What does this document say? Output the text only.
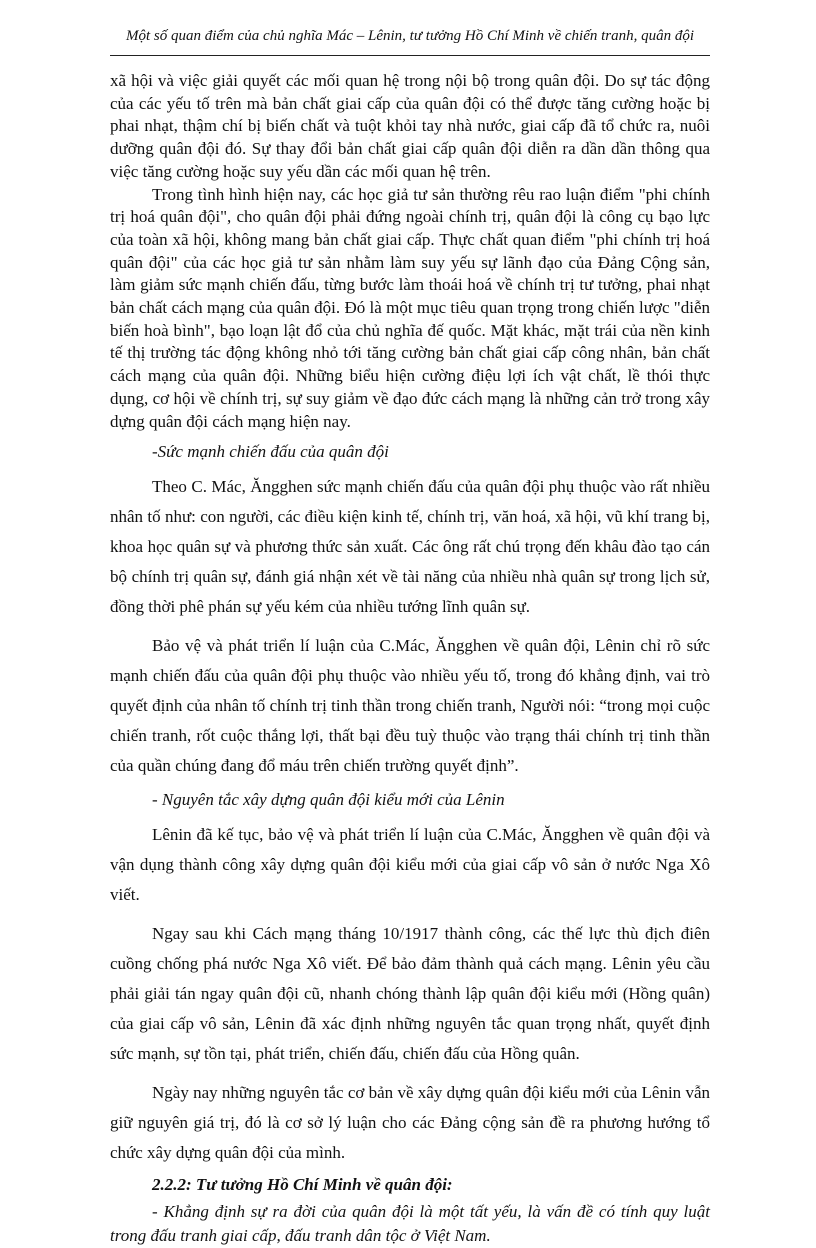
Một số quan điểm của chủ nghĩa Mác – Lênin, tư tưởng Hồ Chí Minh về chiến tranh, quân đội

xã hội và việc giải quyết các mối quan hệ trong nội bộ trong quân đội. Do sự tác động của các yếu tố trên mà bản chất giai cấp của quân đội có thể được tăng cường hoặc bị phai nhạt, thậm chí bị biến chất và tuột khỏi tay nhà nước, giai cấp đã tổ chức ra, nuôi dưỡng quân đội đó. Sự thay đổi bản chất giai cấp quân đội diễn ra dần dần thông qua việc tăng cường hoặc suy yếu dần các mối quan hệ trên.

Trong tình hình hiện nay, các học giả tư sản thường rêu rao luận điểm "phi chính trị hoá quân đội", cho quân đội phải đứng ngoài chính trị, quân đội là công cụ bạo lực của toàn xã hội, không mang bản chất giai cấp. Thực chất quan điểm "phi chính trị hoá quân đội" của các học giả tư sản nhằm làm suy yếu sự lãnh đạo của Đảng Cộng sản, làm giảm sức mạnh chiến đấu, từng bước làm thoái hoá về chính trị tư tưởng, phai nhạt bản chất cách mạng của quân đội. Đó là một mục tiêu quan trọng trong chiến lược "diễn biến hoà bình", bạo loạn lật đổ của chủ nghĩa đế quốc. Mặt khác, mặt trái của nền kinh tế thị trường tác động không nhỏ tới tăng cường bản chất giai cấp công nhân, bản chất cách mạng của quân đội. Những biểu hiện cường điệu lợi ích vật chất, lề thói thực dụng, cơ hội về chính trị, sự suy giảm về đạo đức cách mạng là những cản trở trong xây dựng quân đội cách mạng hiện nay.

-Sức mạnh chiến đấu của quân đội

Theo C. Mác, Ăngghen sức mạnh chiến đấu của quân đội phụ thuộc vào rất nhiều nhân tố như: con người, các điều kiện kinh tế, chính trị, văn hoá, xã hội, vũ khí trang bị, khoa học quân sự và phương thức sản xuất. Các ông rất chú trọng đến khâu đào tạo cán bộ chính trị quân sự, đánh giá nhận xét về tài năng của nhiều nhà quân sự trong lịch sử, đồng thời phê phán sự yếu kém của nhiều tướng lĩnh quân sự.

Bảo vệ và phát triển lí luận của C.Mác, Ăngghen về quân đội, Lênin chỉ rõ sức mạnh chiến đấu của quân đội phụ thuộc vào nhiều yếu tố, trong đó khẳng định, vai trò quyết định của nhân tố chính trị tinh thần trong chiến tranh, Người nói: “trong mọi cuộc chiến tranh, rốt cuộc thắng lợi, thất bại đều tuỳ thuộc vào trạng thái chính trị tinh thần của quần chúng đang đổ máu trên chiến trường quyết định”.

- Nguyên tắc xây dựng quân đội kiểu mới của Lênin

Lênin đã kế tục, bảo vệ và phát triển lí luận của C.Mác, Ăngghen về quân đội và vận dụng thành công xây dựng quân đội kiểu mới của giai cấp vô sản ở nước Nga Xô viết.

Ngay sau khi Cách mạng tháng 10/1917 thành công, các thế lực thù địch điên cuồng chống phá nước Nga Xô viết. Để bảo đảm thành quả cách mạng. Lênin yêu cầu phải giải tán ngay quân đội cũ, nhanh chóng thành lập quân đội kiểu mới (Hồng quân) của giai cấp vô sản, Lênin đã xác định những nguyên tắc quan trọng nhất, quyết định sức mạnh, sự tồn tại, phát triển, chiến đấu, chiến đấu của Hồng quân.

Ngày nay những nguyên tắc cơ bản về xây dựng quân đội kiểu mới của Lênin vẫn giữ nguyên giá trị, đó là cơ sở lý luận cho các Đảng cộng sản đề ra phương hướng tổ chức xây dựng quân đội của mình.

2.2.2: Tư tưởng Hồ Chí Minh về quân đội:

- Khẳng định sự ra đời của quân đội là một tất yếu, là vấn đề có tính quy luật trong đấu tranh giai cấp, đấu tranh dân tộc ở Việt Nam.
